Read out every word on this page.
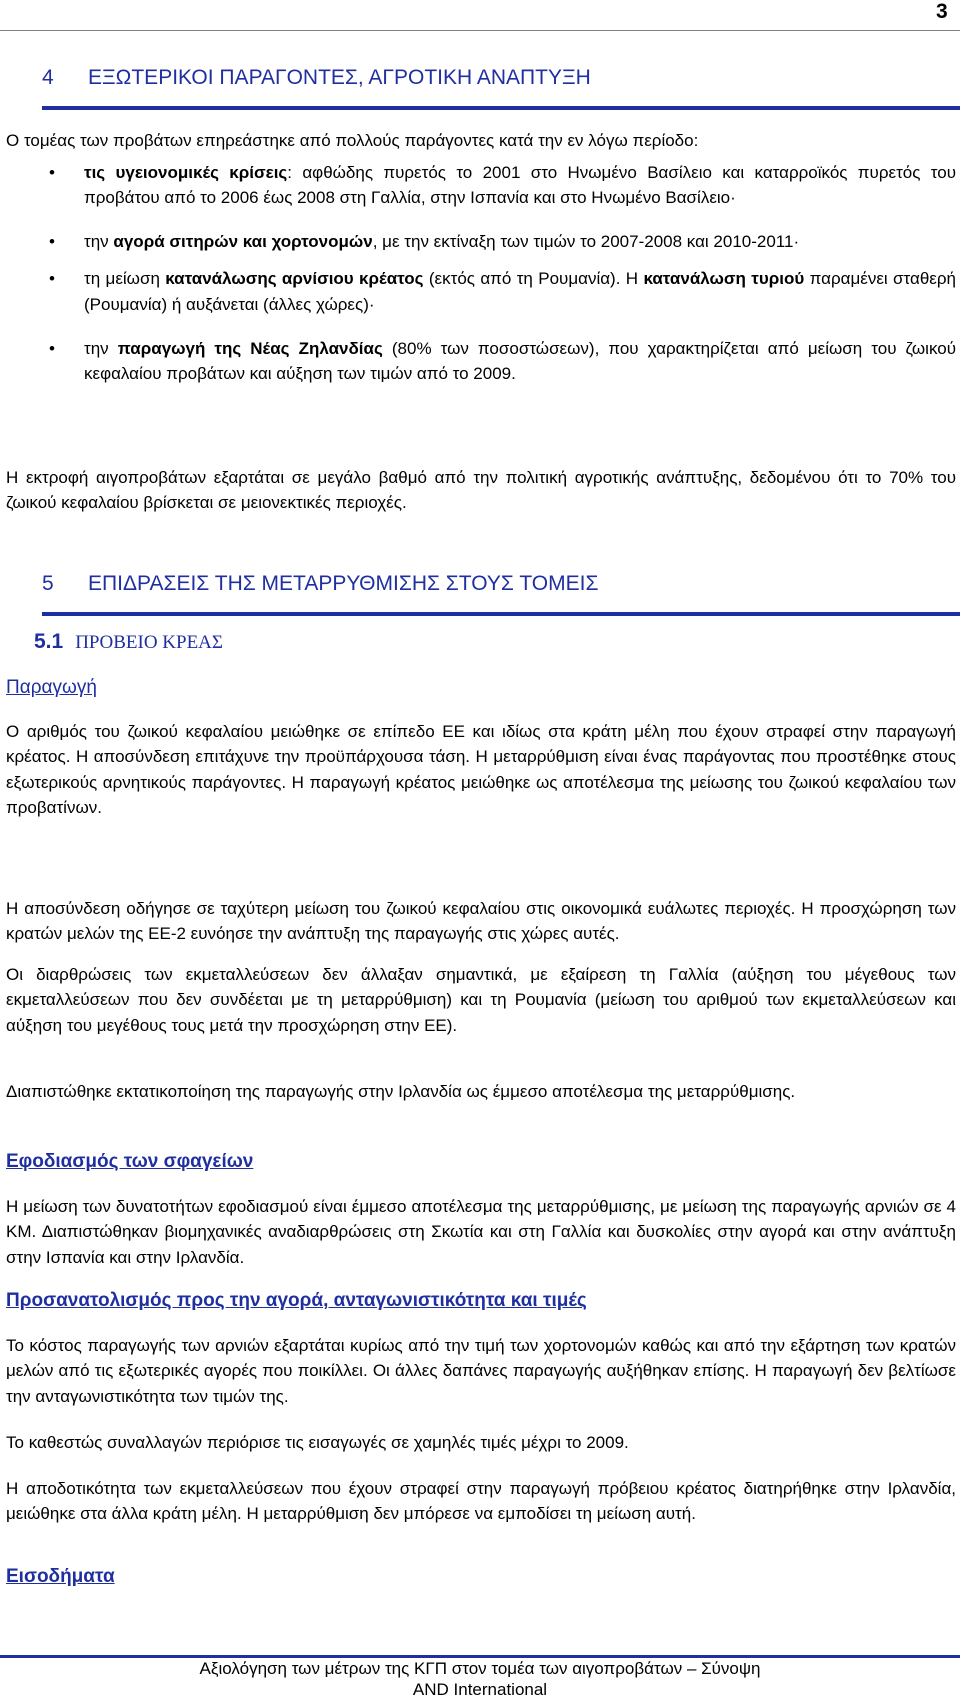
3
4 ΕΞΩΤΕΡΙΚΟΙ ΠΑΡΑΓΟΝΤΕΣ, ΑΓΡΟΤΙΚΗ ΑΝΑΠΤΥΞΗ

Ο τομέας των προβάτων επηρεάστηκε από πολλούς παράγοντες κατά την εν λόγω περίοδο:

• τις υγειονομικές κρίσεις: αφθώδης πυρετός το 2001 στο Ηνωμένο Βασίλειο και καταρροϊκός πυρετός του προβάτου από το 2006 έως 2008 στη Γαλλία, στην Ισπανία και στο Ηνωμένο Βασίλειο·
• την αγορά σιτηρών και χορτονομών, με την εκτίναξη των τιμών το 2007-2008 και 2010-2011·
• τη μείωση κατανάλωσης αρνίσιου κρέατος (εκτός από τη Ρουμανία). Η κατανάλωση τυριού παραμένει σταθερή (Ρουμανία) ή αυξάνεται (άλλες χώρες)·
• την παραγωγή της Νέας Ζηλανδίας (80% των ποσοστώσεων), που χαρακτηρίζεται από μείωση του ζωικού κεφαλαίου προβάτων και αύξηση των τιμών από το 2009.

Η εκτροφή αιγοπροβάτων εξαρτάται σε μεγάλο βαθμό από την πολιτική αγροτικής ανάπτυξης, δεδομένου ότι το 70% του ζωικού κεφαλαίου βρίσκεται σε μειονεκτικές περιοχές.

5 ΕΠΙΔΡΑΣΕΙΣ ΤΗΣ ΜΕΤΑΡΡΥΘΜΙΣΗΣ ΣΤΟΥΣ ΤΟΜΕΙΣ
5.1 ΠΡΟΒΕΙΟ ΚΡΕΑΣ
Παραγωγή

Ο αριθμός του ζωικού κεφαλαίου μειώθηκε σε επίπεδο ΕΕ και ιδίως στα κράτη μέλη που έχουν στραφεί στην παραγωγή κρέατος. Η αποσύνδεση επιτάχυνε την προϋπάρχουσα τάση. Η μεταρρύθμιση είναι ένας παράγοντας που προστέθηκε στους εξωτερικούς αρνητικούς παράγοντες. Η παραγωγή κρέατος μειώθηκε ως αποτέλεσμα της μείωσης του ζωικού κεφαλαίου των προβατίνων.

Η αποσύνδεση οδήγησε σε ταχύτερη μείωση του ζωικού κεφαλαίου στις οικονομικά ευάλωτες περιοχές. Η προσχώρηση των κρατών μελών της ΕΕ-2 ευνόησε την ανάπτυξη της παραγωγής στις χώρες αυτές.

Οι διαρθρώσεις των εκμεταλλεύσεων δεν άλλαξαν σημαντικά, με εξαίρεση τη Γαλλία (αύξηση του μέγεθους των εκμεταλλεύσεων που δεν συνδέεται με τη μεταρρύθμιση) και τη Ρουμανία (μείωση του αριθμού των εκμεταλλεύσεων και αύξηση του μεγέθους τους μετά την προσχώρηση στην ΕΕ).

Διαπιστώθηκε εκτατικοποίηση της παραγωγής στην Ιρλανδία ως έμμεσο αποτέλεσμα της μεταρρύθμισης.

Εφοδιασμός των σφαγείων

Η μείωση των δυνατοτήτων εφοδιασμού είναι έμμεσο αποτέλεσμα της μεταρρύθμισης, με μείωση της παραγωγής αρνιών σε 4 ΚΜ. Διαπιστώθηκαν βιομηχανικές αναδιαρθρώσεις στη Σκωτία και στη Γαλλία και δυσκολίες στην αγορά και στην ανάπτυξη στην Ισπανία και στην Ιρλανδία.

Προσανατολισμός προς την αγορά, ανταγωνιστικότητα και τιμές

Το κόστος παραγωγής των αρνιών εξαρτάται κυρίως από την τιμή των χορτονομών καθώς και από την εξάρτηση των κρατών μελών από τις εξωτερικές αγορές που ποικίλλει. Οι άλλες δαπάνες παραγωγής αυξήθηκαν επίσης. Η παραγωγή δεν βελτίωσε την ανταγωνιστικότητα των τιμών της.

Το καθεστώς συναλλαγών περιόρισε τις εισαγωγές σε χαμηλές τιμές μέχρι το 2009.

Η αποδοτικότητα των εκμεταλλεύσεων που έχουν στραφεί στην παραγωγή πρόβειου κρέατος διατηρήθηκε στην Ιρλανδία, μειώθηκε στα άλλα κράτη μέλη. Η μεταρρύθμιση δεν μπόρεσε να εμποδίσει τη μείωση αυτή.

Εισοδήματα
Αξιολόγηση των μέτρων της ΚΓΠ στον τομέα των αιγοπροβάτων – Σύνοψη
AND International
